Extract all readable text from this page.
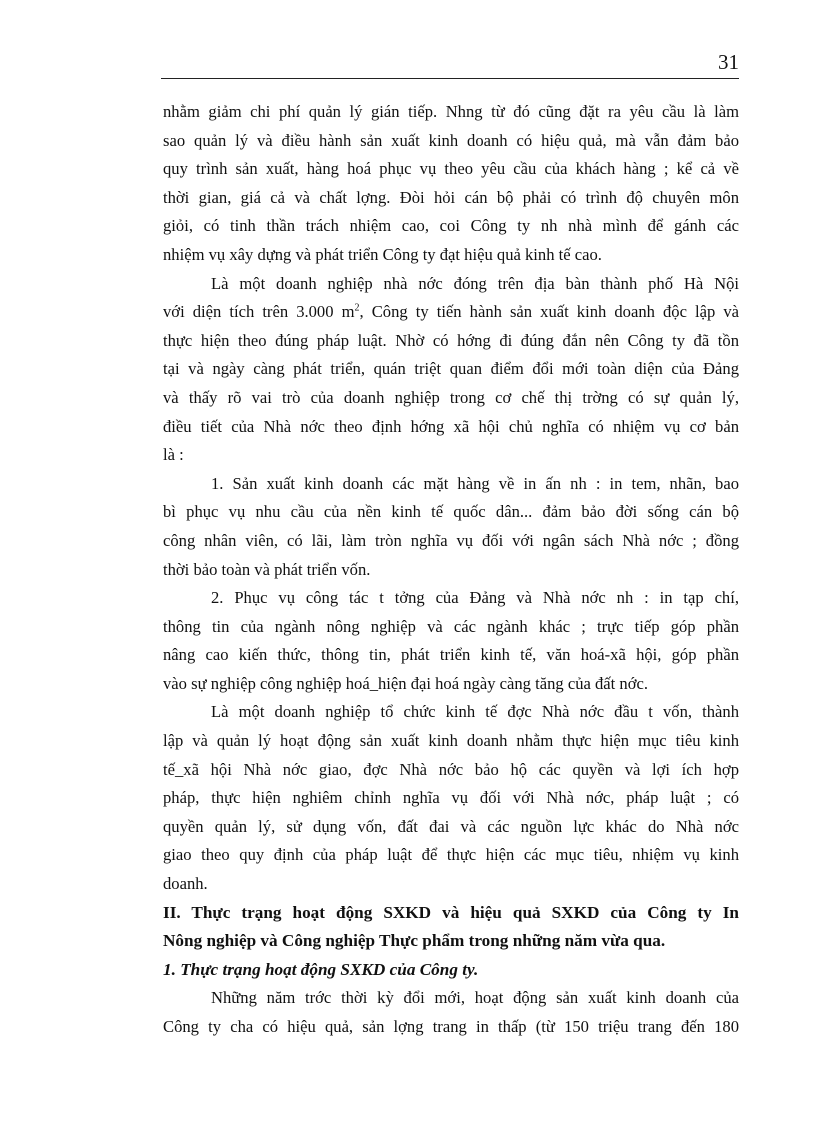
31
nhằm giảm chi phí quản lý gián tiếp. Nhng từ đó cũng đặt ra yêu cầu là làm
sao quản lý và điều hành sản xuất kinh doanh có hiệu quả, mà vẫn đảm bảo
quy trình sản xuất, hàng hoá phục vụ theo yêu cầu của khách hàng ; kể cả về
thời gian, giá cả và chất lợng. Đòi hỏi cán bộ phải có trình độ chuyên môn
giỏi, có tinh thần trách nhiệm cao, coi Công ty nh nhà mình để gánh các
nhiệm vụ xây dựng và phát triển Công ty đạt hiệu quả kinh tế cao.
Là một doanh nghiệp nhà nớc đóng trên địa bàn thành phố Hà Nội
với diện tích trên 3.000 $m^2$, Công ty tiến hành sản xuất kinh doanh độc lập và
thực hiện theo đúng pháp luật. Nhờ có hớng đi đúng đắn nên Công ty đã tồn
tại và ngày càng phát triển, quán triệt quan điểm đổi mới toàn diện của Đảng
và thấy rõ vai trò của doanh nghiệp trong cơ chế thị trờng có sự quản lý,
điều tiết của Nhà nớc theo định hớng xã hội chủ nghĩa có nhiệm vụ cơ bản
là :
1. Sản xuất kinh doanh các mặt hàng về in ấn nh : in tem, nhãn, bao
bì phục vụ nhu cầu của nền kinh tế quốc dân... đảm bảo đời sống cán bộ
công nhân viên, có lãi, làm tròn nghĩa vụ đối với ngân sách Nhà nớc ; đồng
thời bảo toàn và phát triển vốn.
2. Phục vụ công tác t tởng của Đảng và Nhà nớc nh : in tạp chí,
thông tin của ngành nông nghiệp và các ngành khác ; trực tiếp góp phần
nâng cao kiến thức, thông tin, phát triển kinh tế, văn hoá-xã hội, góp phần
vào sự nghiệp công nghiệp hoá_hiện đại hoá ngày càng tăng của đất nớc.
Là một doanh nghiệp tổ chức kinh tế đợc Nhà nớc đầu t vốn, thành
lập và quản lý hoạt động sản xuất kinh doanh nhằm thực hiện mục tiêu kinh
tế_xã hội Nhà nớc giao, đợc Nhà nớc bảo hộ các quyền và lợi ích hợp
pháp, thực hiện nghiêm chỉnh nghĩa vụ đối với Nhà nớc, pháp luật ; có
quyền quản lý, sử dụng vốn, đất đai và các nguồn lực khác do Nhà nớc
giao theo quy định của pháp luật để thực hiện các mục tiêu, nhiệm vụ kinh
doanh.
II. Thực trạng hoạt động SXKD và hiệu quả SXKD của Công ty In
Nông nghiệp và Công nghiệp Thực phẩm trong những năm vừa qua.
1. Thực trạng hoạt động SXKD của Công ty.
Những năm trớc thời kỳ đổi mới, hoạt động sản xuất kinh doanh của
Công ty cha có hiệu quả, sản lợng trang in thấp (từ 150 triệu trang đến 180
